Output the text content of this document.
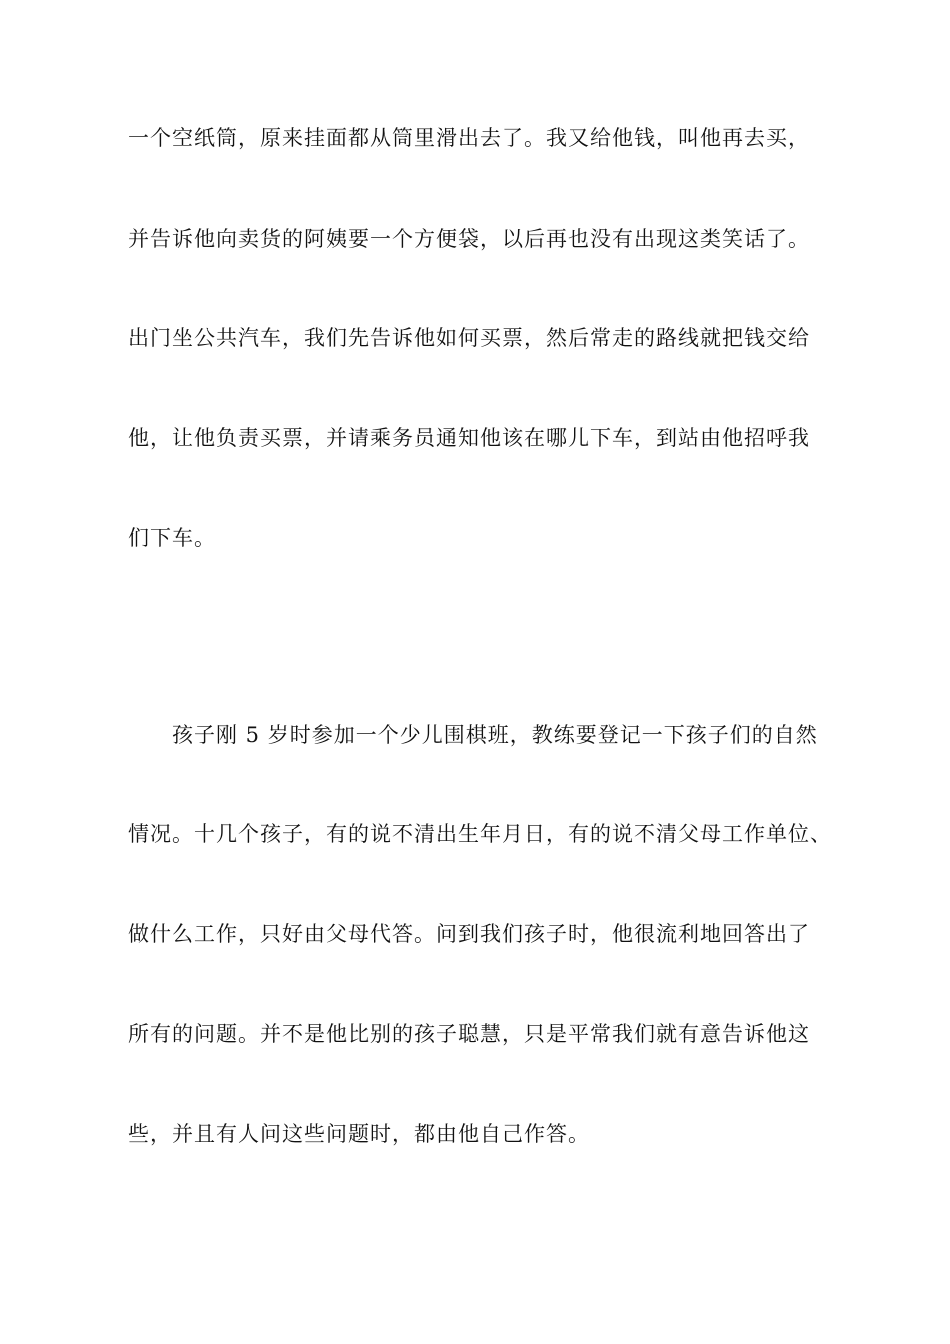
一个空纸筒，原来挂面都从筒里滑出去了。我又给他钱，叫他再去买，
并告诉他向卖货的阿姨要一个方便袋，以后再也没有出现这类笑话了。
出门坐公共汽车，我们先告诉他如何买票，然后常走的路线就把钱交给
他，让他负责买票，并请乘务员通知他该在哪儿下车，到站由他招呼我
们下车。
孩子刚 5 岁时参加一个少儿围棋班，教练要登记一下孩子们的自然
情况。十几个孩子，有的说不清出生年月日，有的说不清父母工作单位、
做什么工作，只好由父母代答。问到我们孩子时，他很流利地回答出了
所有的问题。并不是他比别的孩子聪慧，只是平常我们就有意告诉他这
些，并且有人问这些问题时，都由他自己作答。
